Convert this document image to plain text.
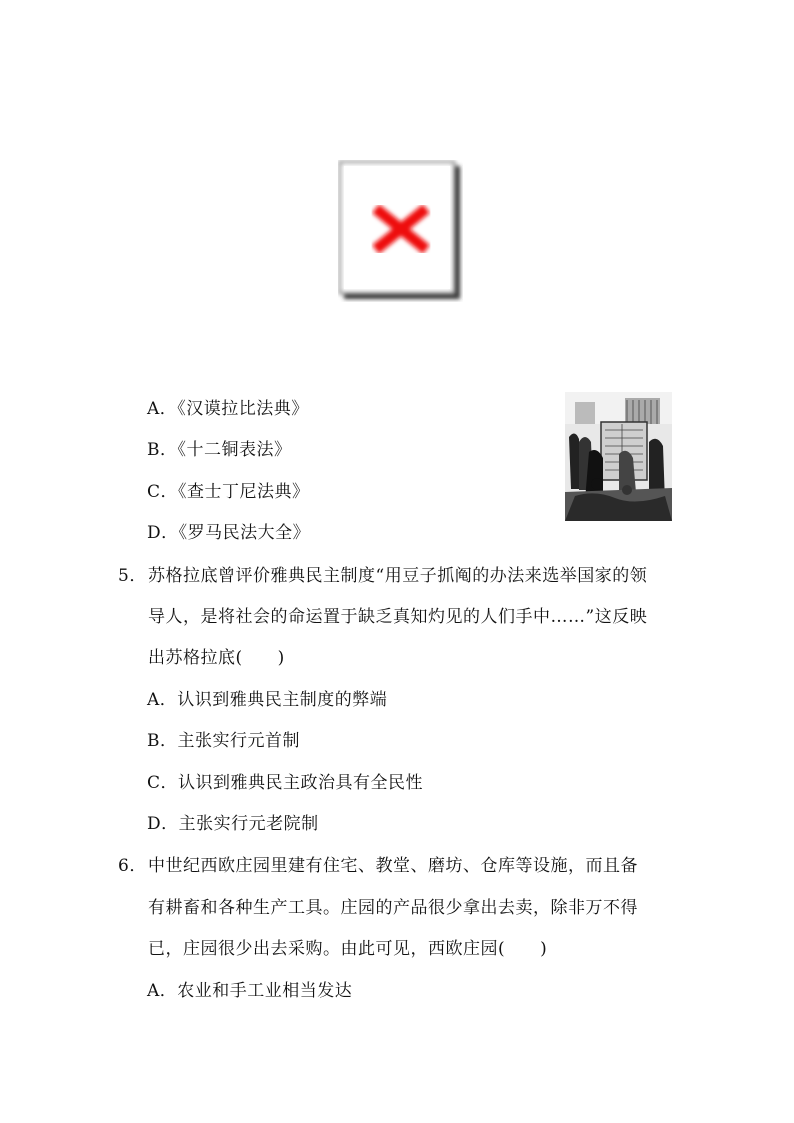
A．《汉谟拉比法典》
B．《十二铜表法》
C．《查士丁尼法典》
D．《罗马民法大全》
5． 苏格拉底曾评价雅典民主制度“用豆子抓阄的办法来选举国家的领
导人，是将社会的命运置于缺乏真知灼见的人们手中……”这反映
出苏格拉底(　　)
A．认识到雅典民主制度的弊端
B．主张实行元首制
C．认识到雅典民主政治具有全民性
D．主张实行元老院制
6． 中世纪西欧庄园里建有住宅、教堂、磨坊、仓库等设施，而且备
有耕畜和各种生产工具。庄园的产品很少拿出去卖，除非万不得
已，庄园很少出去采购。由此可见，西欧庄园(　　)
A．农业和手工业相当发达
